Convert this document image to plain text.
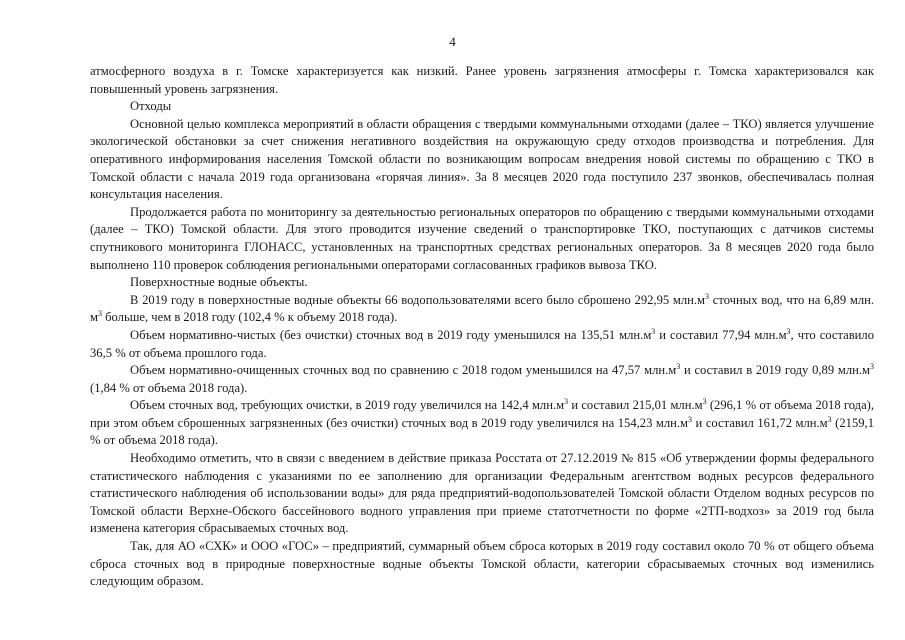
4

атмосферного воздуха в г. Томске характеризуется как низкий. Ранее уровень загрязнения атмосферы г. Томска характеризовался как повышенный уровень загрязнения.

Отходы

Основной целью комплекса мероприятий в области обращения с твердыми коммунальными отходами (далее – ТКО) является улучшение экологической обстановки за счет снижения негативного воздействия на окружающую среду отходов производства и потребления. Для оперативного информирования населения Томской области по возникающим вопросам внедрения новой системы по обращению с ТКО в Томской области с начала 2019 года организована «горячая линия». За 8 месяцев 2020 года поступило 237 звонков, обеспечивалась полная консультация населения.

Продолжается работа по мониторингу за деятельностью региональных операторов по обращению с твердыми коммунальными отходами (далее – ТКО) Томской области. Для этого проводится изучение сведений о транспортировке ТКО, поступающих с датчиков системы спутникового мониторинга ГЛОНАСС, установленных на транспортных средствах региональных операторов. За 8 месяцев 2020 года было выполнено 110 проверок соблюдения региональными операторами согласованных графиков вывоза ТКО.

Поверхностные водные объекты.

В 2019 году в поверхностные водные объекты 66 водопользователями всего было сброшено 292,95 $млн.м^3$ сточных вод, что на 6,89 млн. $м^3$ больше, чем в 2018 году (102,4 % к объему 2018 года).

Объем нормативно-чистых (без очистки) сточных вод в 2019 году уменьшился на 135,51 $млн.м^3$ и составил 77,94 $млн.м^3$, что составило 36,5 % от объема прошлого года.

Объем нормативно-очищенных сточных вод по сравнению с 2018 годом уменьшился на 47,57 $млн.м^3$ и составил в 2019 году 0,89 $млн.м^3$ (1,84 % от объема 2018 года).

Объем сточных вод, требующих очистки, в 2019 году увеличился на 142,4 $млн.м^3$ и составил 215,01 $млн.м^3$ (296,1 % от объема 2018 года), при этом объем сброшенных загрязненных (без очистки) сточных вод в 2019 году увеличился на 154,23 $млн.м^3$ и составил 161,72 $млн.м^3$ (2159,1 % от объема 2018 года).

Необходимо отметить, что в связи с введением в действие приказа Росстата от 27.12.2019 № 815 «Об утверждении формы федерального статистического наблюдения с указаниями по ее заполнению для организации Федеральным агентством водных ресурсов федерального статистического наблюдения об использовании воды» для ряда предприятий-водопользователей Томской области Отделом водных ресурсов по Томской области Верхне-Обского бассейнового водного управления при приеме статотчетности по форме «2ТП-водхоз» за 2019 год была изменена категория сбрасываемых сточных вод.

Так, для АО «СХК» и ООО «ГОС» – предприятий, суммарный объем сброса которых в 2019 году составил около 70 % от общего объема сброса сточных вод в природные поверхностные водные объекты Томской области, категории сбрасываемых сточных вод изменились следующим образом.
